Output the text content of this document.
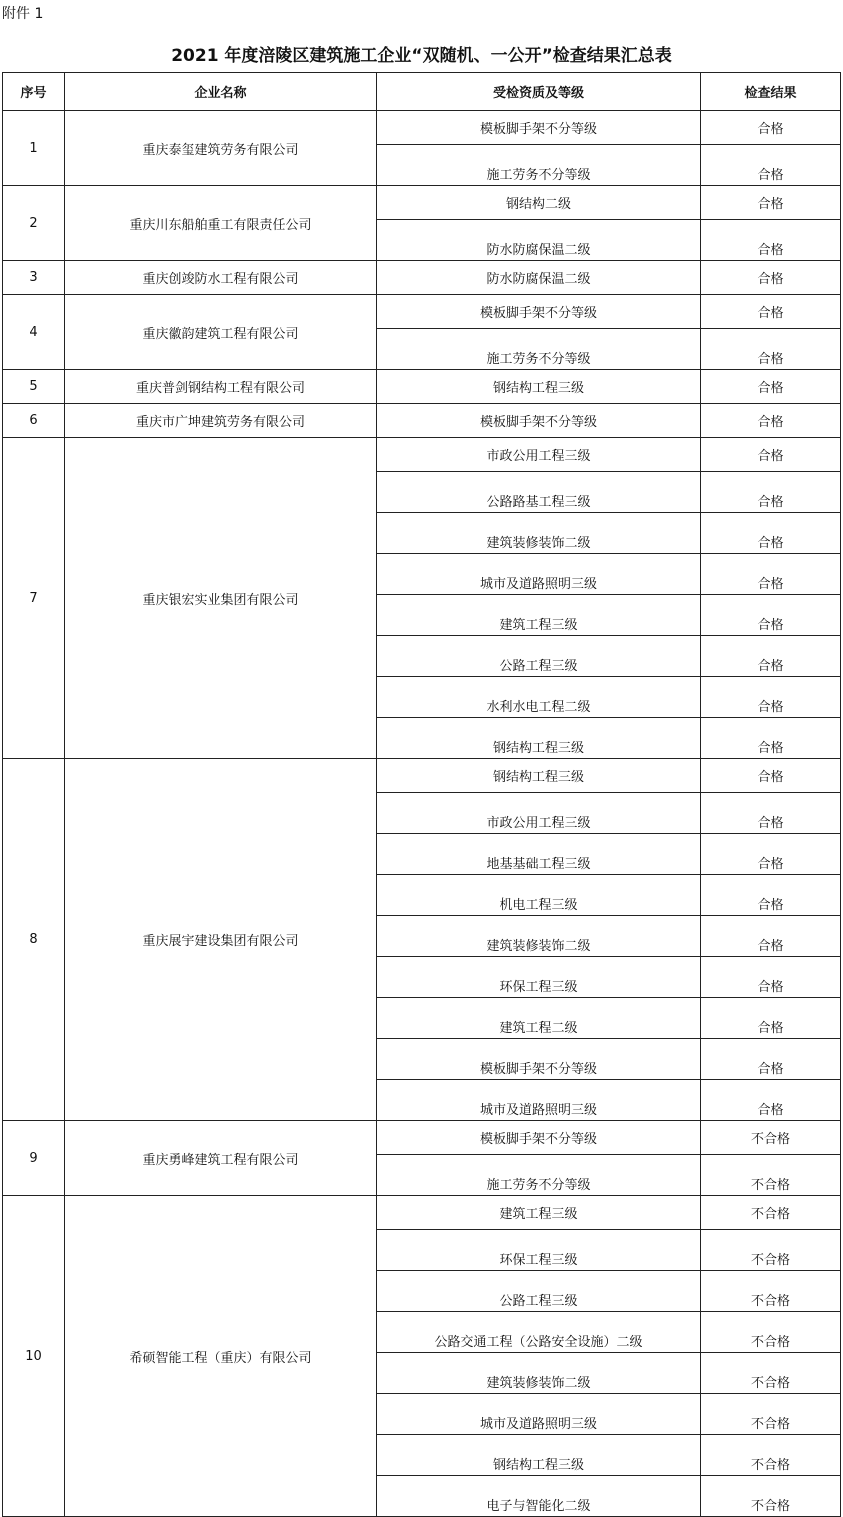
附件 1
2021 年度涪陵区建筑施工企业“双随机、一公开”检查结果汇总表
序号	企业名称	受检资质及等级	检查结果
1	重庆泰玺建筑劳务有限公司	模板脚手架不分等级	合格
		施工劳务不分等级	合格
2	重庆川东船舶重工有限责任公司	钢结构二级	合格
		防水防腐保温二级	合格
3	重庆创竣防水工程有限公司	防水防腐保温二级	合格
4	重庆徽韵建筑工程有限公司	模板脚手架不分等级	合格
		施工劳务不分等级	合格
5	重庆普剑钢结构工程有限公司	钢结构工程三级	合格
6	重庆市广坤建筑劳务有限公司	模板脚手架不分等级	合格
7	重庆银宏实业集团有限公司	市政公用工程三级	合格
		公路路基工程三级	合格
		建筑装修装饰二级	合格
		城市及道路照明三级	合格
		建筑工程三级	合格
		公路工程三级	合格
		水利水电工程二级	合格
		钢结构工程三级	合格
8	重庆展宇建设集团有限公司	钢结构工程三级	合格
		市政公用工程三级	合格
		地基基础工程三级	合格
		机电工程三级	合格
		建筑装修装饰二级	合格
		环保工程三级	合格
		建筑工程二级	合格
		模板脚手架不分等级	合格
		城市及道路照明三级	合格
9	重庆勇峰建筑工程有限公司	模板脚手架不分等级	不合格
		施工劳务不分等级	不合格
10	希硕智能工程（重庆）有限公司	建筑工程三级	不合格
		环保工程三级	不合格
		公路工程三级	不合格
		公路交通工程（公路安全设施）二级	不合格
		建筑装修装饰二级	不合格
		城市及道路照明三级	不合格
		钢结构工程三级	不合格
		电子与智能化二级	不合格
